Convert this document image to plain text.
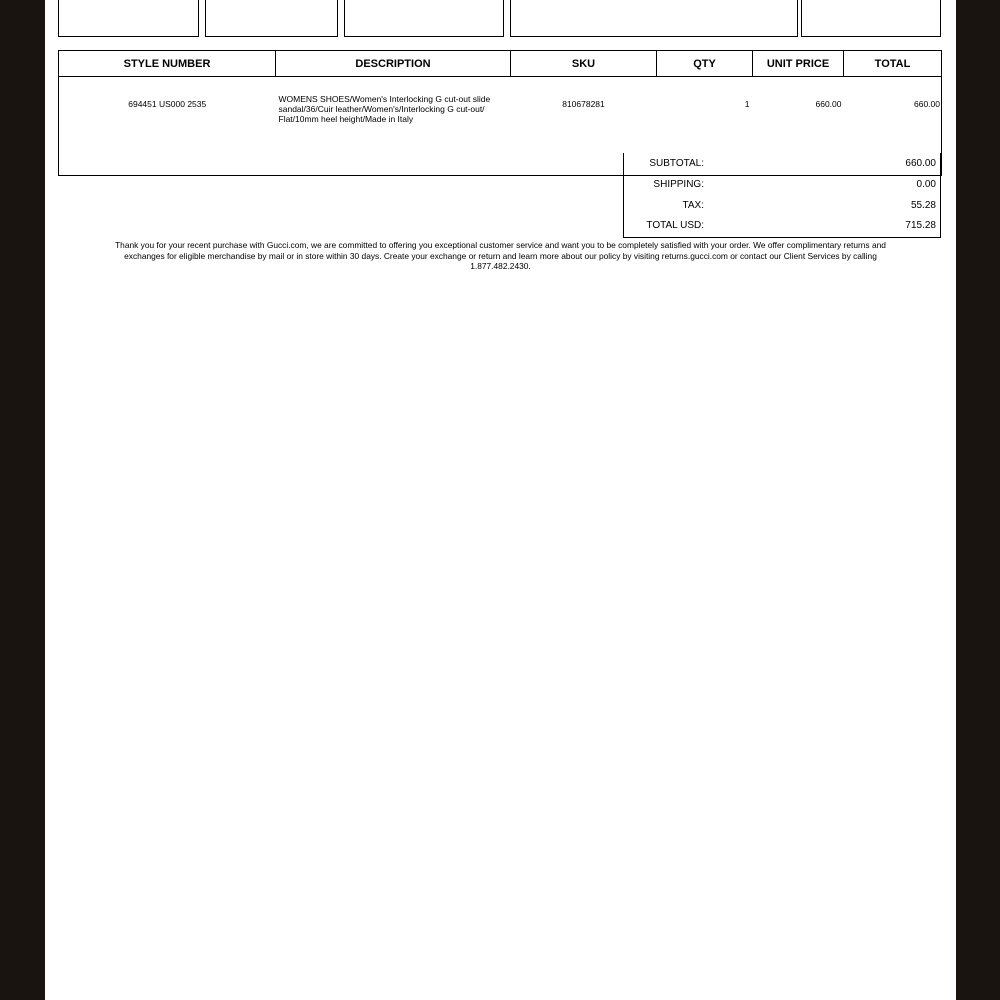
STYLE NUMBER	DESCRIPTION	SKU	QTY	UNIT PRICE	TOTAL
694451 US000 2535	WOMENS SHOES/Women's Interlocking G cut-out slide
sandal/36/Cuir leather/Women's/Interlocking G cut-out/
Flat/10mm heel height/Made in Italy	810678281	1	660.00	660.00
SUBTOTAL:	660.00
SHIPPING:	0.00
TAX:	55.28
TOTAL USD:	715.28
Thank you for your recent purchase with Gucci.com, we are committed to offering you exceptional customer service and want you to be completely satisfied with your order. We offer complimentary returns and
exchanges for eligible merchandise by mail or in store within 30 days. Create your exchange or return and learn more about our policy by visiting returns.gucci.com or contact our Client Services by calling
1.877.482.2430.
